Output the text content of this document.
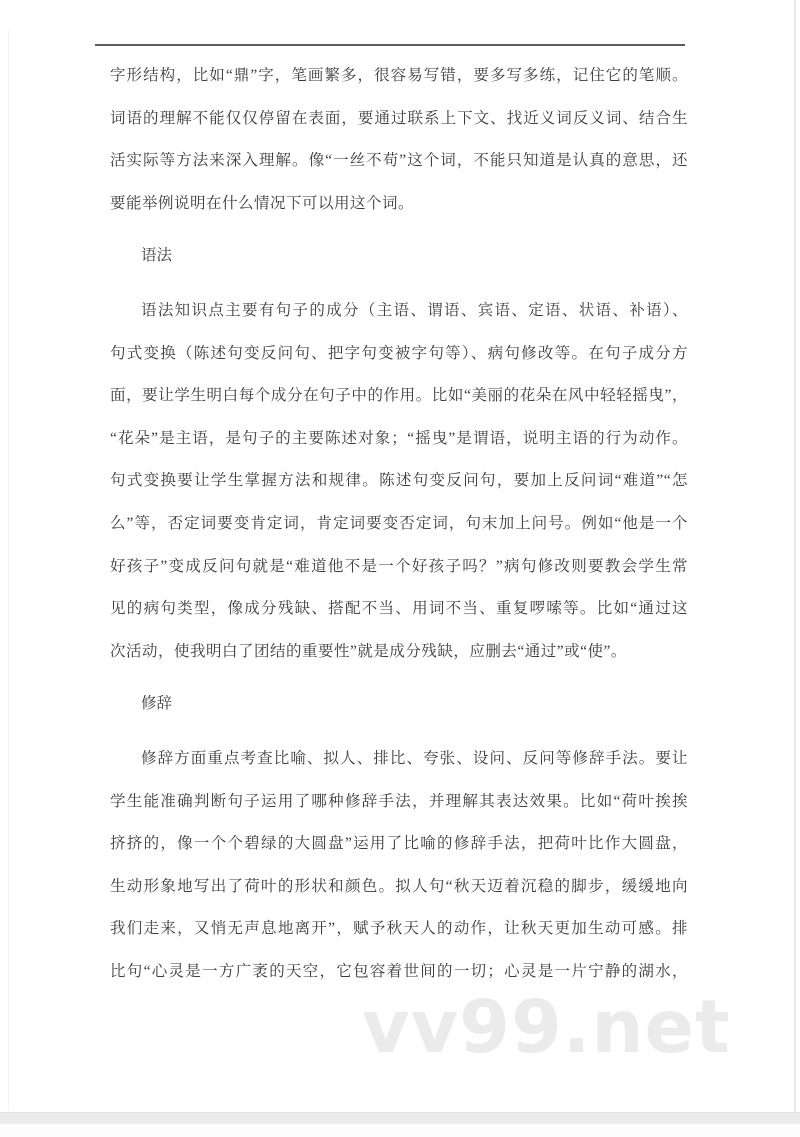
字形结构，比如“鼎”字，笔画繁多，很容易写错，要多写多练，记住它的笔顺。
词语的理解不能仅仅停留在表面，要通过联系上下文、找近义词反义词、结合生
活实际等方法来深入理解。像“一丝不苟”这个词，不能只知道是认真的意思，还
要能举例说明在什么情况下可以用这个词。
语法
语法知识点主要有句子的成分（主语、谓语、宾语、定语、状语、补语）、
句式变换（陈述句变反问句、把字句变被字句等）、病句修改等。在句子成分方
面，要让学生明白每个成分在句子中的作用。比如“美丽的花朵在风中轻轻摇曳”，
“花朵”是主语，是句子的主要陈述对象；“摇曳”是谓语，说明主语的行为动作。
句式变换要让学生掌握方法和规律。陈述句变反问句，要加上反问词“难道”“怎
么”等，否定词要变肯定词，肯定词要变否定词，句末加上问号。例如“他是一个
好孩子”变成反问句就是“难道他不是一个好孩子吗？”病句修改则要教会学生常
见的病句类型，像成分残缺、搭配不当、用词不当、重复啰嗦等。比如“通过这
次活动，使我明白了团结的重要性”就是成分残缺，应删去“通过”或“使”。
修辞
修辞方面重点考查比喻、拟人、排比、夸张、设问、反问等修辞手法。要让
学生能准确判断句子运用了哪种修辞手法，并理解其表达效果。比如“荷叶挨挨
挤挤的，像一个个碧绿的大圆盘”运用了比喻的修辞手法，把荷叶比作大圆盘，
生动形象地写出了荷叶的形状和颜色。拟人句“秋天迈着沉稳的脚步，缓缓地向
我们走来，又悄无声息地离开”，赋予秋天人的动作，让秋天更加生动可感。排
比句“心灵是一方广袤的天空，它包容着世间的一切；心灵是一片宁静的湖水，
vv99.net
